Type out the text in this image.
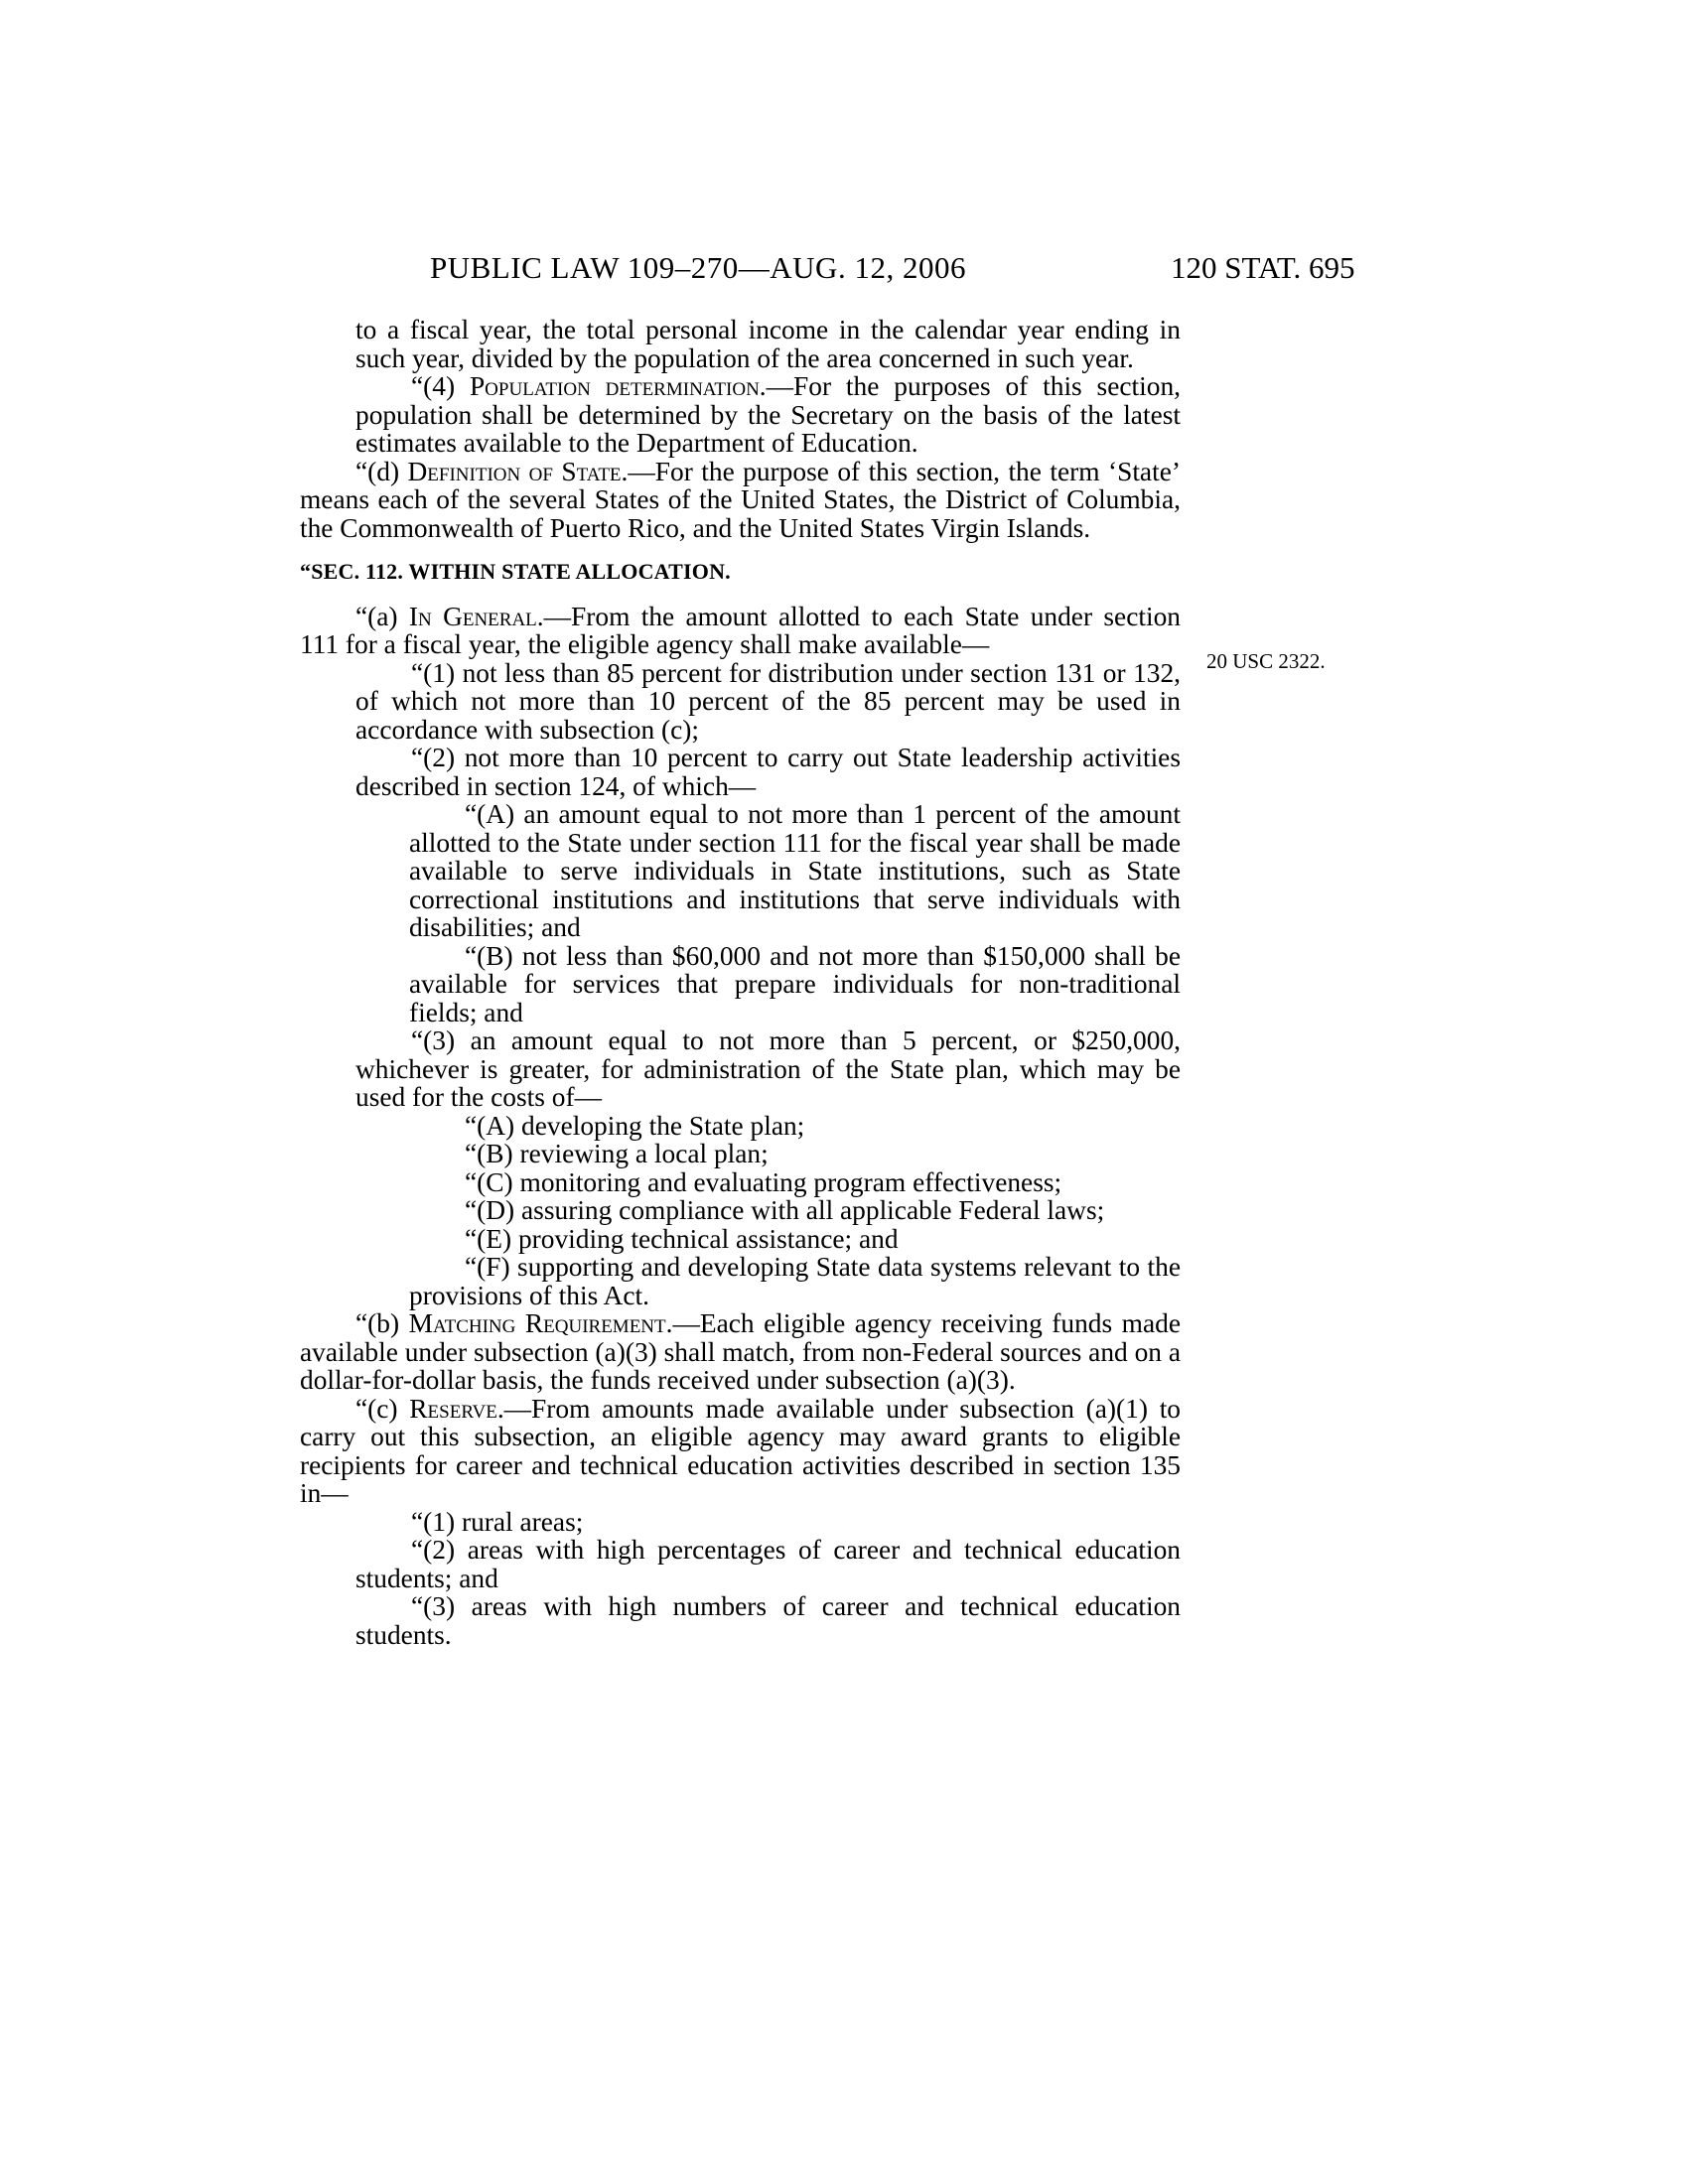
PUBLIC LAW 109–270—AUG. 12, 2006	120 STAT. 695
20 USC 2322.

to a fiscal year, the total personal income in the calendar year ending in such year, divided by the population of the area concerned in such year.

“(4) Population determination.—For the purposes of this section, population shall be determined by the Secretary on the basis of the latest estimates available to the Department of Education.

“(d) Definition of State.—For the purpose of this section, the term ‘State’ means each of the several States of the United States, the District of Columbia, the Commonwealth of Puerto Rico, and the United States Virgin Islands.

“SEC. 112. WITHIN STATE ALLOCATION.

“(a) In General.—From the amount allotted to each State under section 111 for a fiscal year, the eligible agency shall make available—

“(1) not less than 85 percent for distribution under section 131 or 132, of which not more than 10 percent of the 85 percent may be used in accordance with subsection (c);

“(2) not more than 10 percent to carry out State leadership activities described in section 124, of which—

“(A) an amount equal to not more than 1 percent of the amount allotted to the State under section 111 for the fiscal year shall be made available to serve individuals in State institutions, such as State correctional institutions and institutions that serve individuals with disabilities; and

“(B) not less than $60,000 and not more than $150,000 shall be available for services that prepare individuals for non-traditional fields; and

“(3) an amount equal to not more than 5 percent, or $250,000, whichever is greater, for administration of the State plan, which may be used for the costs of—

“(A) developing the State plan;

“(B) reviewing a local plan;

“(C) monitoring and evaluating program effectiveness;

“(D) assuring compliance with all applicable Federal laws;

“(E) providing technical assistance; and

“(F) supporting and developing State data systems relevant to the provisions of this Act.

“(b) Matching Requirement.—Each eligible agency receiving funds made available under subsection (a)(3) shall match, from non-Federal sources and on a dollar-for-dollar basis, the funds received under subsection (a)(3).

“(c) Reserve.—From amounts made available under subsection (a)(1) to carry out this subsection, an eligible agency may award grants to eligible recipients for career and technical education activities described in section 135 in—

“(1) rural areas;

“(2) areas with high percentages of career and technical education students; and

“(3) areas with high numbers of career and technical education students.
